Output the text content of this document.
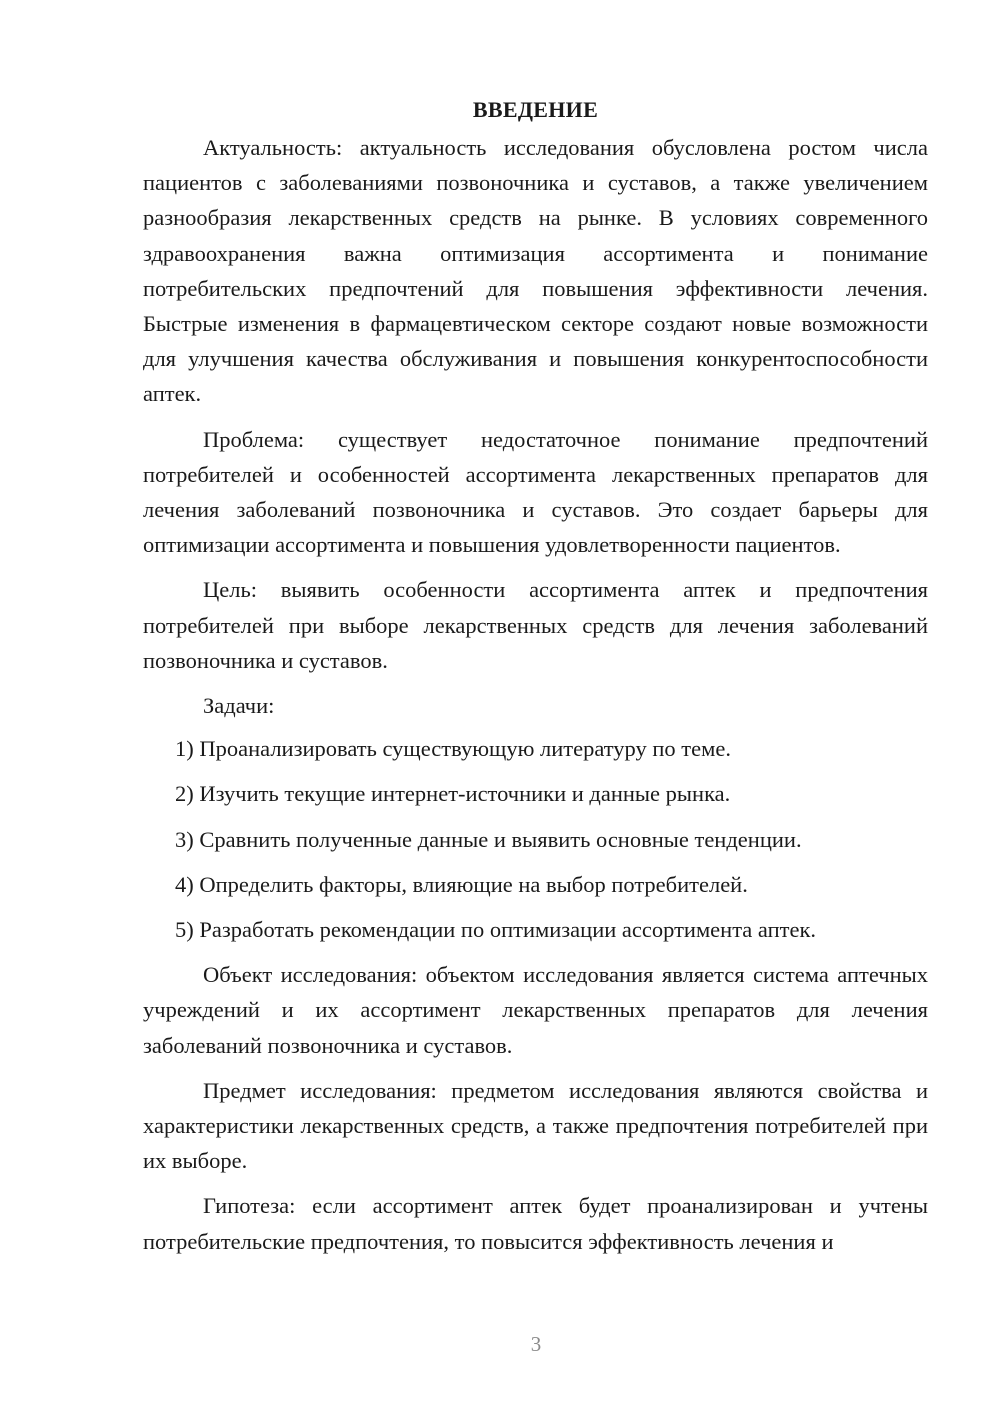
ВВЕДЕНИЕ

Актуальность: актуальность исследования обусловлена ростом числа пациентов с заболеваниями позвоночника и суставов, а также увеличением разнообразия лекарственных средств на рынке. В условиях современного здравоохранения важна оптимизация ассортимента и понимание потребительских предпочтений для повышения эффективности лечения. Быстрые изменения в фармацевтическом секторе создают новые возможности для улучшения качества обслуживания и повышения конкурентоспособности аптек.

Проблема: существует недостаточное понимание предпочтений потребителей и особенностей ассортимента лекарственных препаратов для лечения заболеваний позвоночника и суставов. Это создает барьеры для оптимизации ассортимента и повышения удовлетворенности пациентов.

Цель: выявить особенности ассортимента аптек и предпочтения потребителей при выборе лекарственных средств для лечения заболеваний позвоночника и суставов.

Задачи:

1) Проанализировать существующую литературу по теме.
2) Изучить текущие интернет-источники и данные рынка.
3) Сравнить полученные данные и выявить основные тенденции.
4) Определить факторы, влияющие на выбор потребителей.
5) Разработать рекомендации по оптимизации ассортимента аптек.

Объект исследования: объектом исследования является система аптечных учреждений и их ассортимент лекарственных препаратов для лечения заболеваний позвоночника и суставов.

Предмет исследования: предметом исследования являются свойства и характеристики лекарственных средств, а также предпочтения потребителей при их выборе.

Гипотеза: если ассортимент аптек будет проанализирован и учтены потребительские предпочтения, то повысится эффективность лечения и

3
